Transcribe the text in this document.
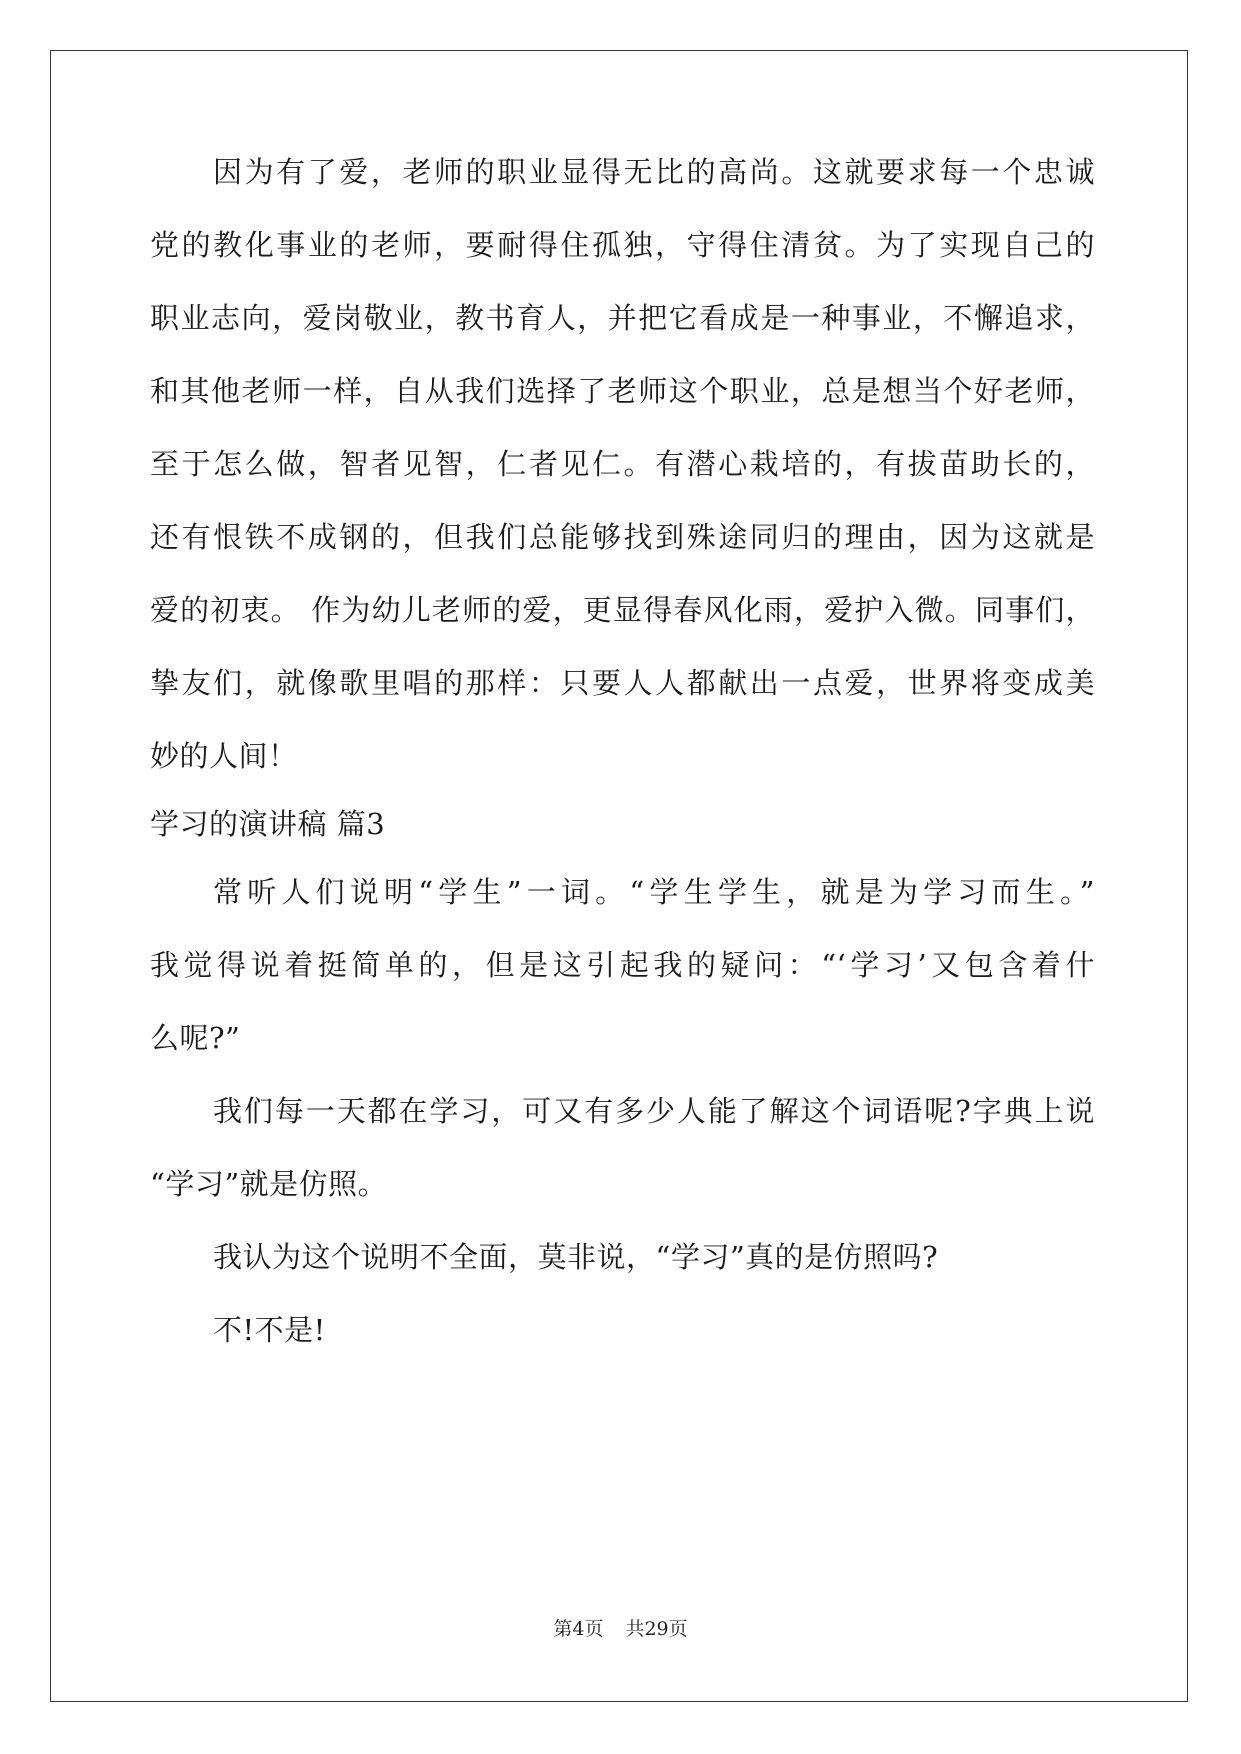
因为有了爱，老师的职业显得无比的高尚。这就要求每一个忠诚
党的教化事业的老师，要耐得住孤独，守得住清贫。为了实现自己的
职业志向，爱岗敬业，教书育人，并把它看成是一种事业，不懈追求，
和其他老师一样，自从我们选择了老师这个职业，总是想当个好老师，
至于怎么做，智者见智，仁者见仁。有潜心栽培的，有拔苗助长的，
还有恨铁不成钢的，但我们总能够找到殊途同归的理由，因为这就是
爱的初衷。 作为幼儿老师的爱，更显得春风化雨，爱护入微。同事们，
挚友们，就像歌里唱的那样：只要人人都献出一点爱，世界将变成美
妙的人间！
学习的演讲稿 篇3
常听人们说明“学生”一词。“学生学生，就是为学习而生。”
我觉得说着挺简单的，但是这引起我的疑问：“‘学习’又包含着什
么呢?”
我们每一天都在学习，可又有多少人能了解这个词语呢?字典上说
“学习”就是仿照。
我认为这个说明不全面，莫非说，“学习”真的是仿照吗?
不!不是!
第4页 共29页
